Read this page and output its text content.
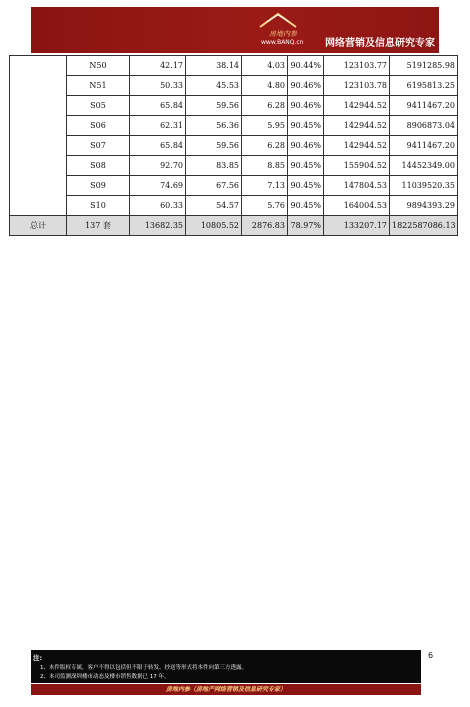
房地内参
www.BANQ.cn 网络营销及信息研究专家
	N50	42.17	38.14	4.03	90.44%	123103.77	5191285.98
	N51	50.33	45.53	4.80	90.46%	123103.78	6195813.25
	S05	65.84	59.56	6.28	90.46%	142944.52	9411467.20
	S06	62.31	56.36	5.95	90.45%	142944.52	8906873.04
	S07	65.84	59.56	6.28	90.46%	142944.52	9411467.20
	S08	92.70	83.85	8.85	90.45%	155904.52	14452349.00
	S09	74.69	67.56	7.13	90.45%	147804.53	11039520.35
	S10	60.33	54.57	5.76	90.45%	164004.53	9894393.29
总计	137 套	13682.35	10805.52	2876.83	78.97%	133207.17	1822587086.13
6
注:
1、本件版权专属，客户不得以包括但不限于转发、抄送等形式将本件向第三方透露。
2、本司监测深圳楼市动态及楼市销售数据已 17 年。
房地内参（房地产网络营销及信息研究专家）
